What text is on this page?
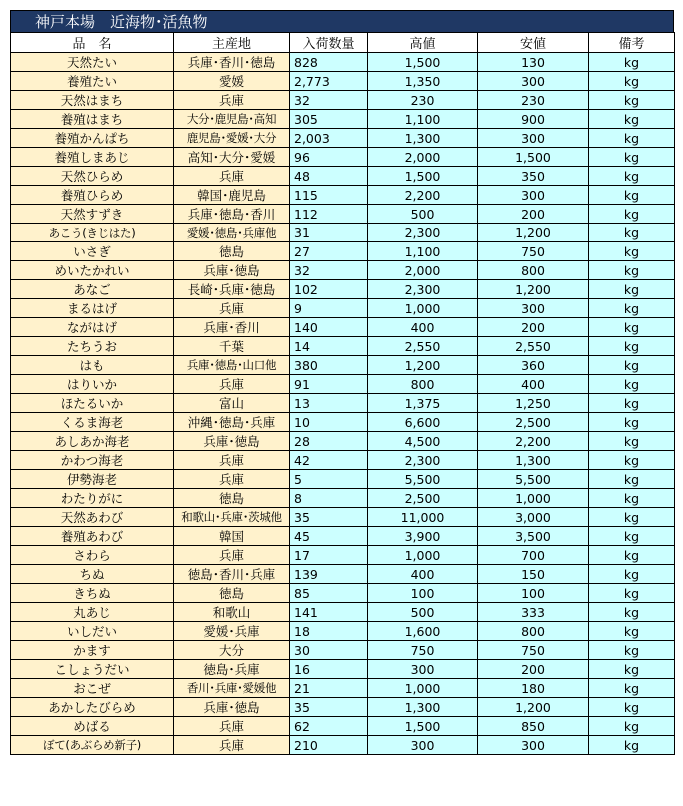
神戸本場　近海物･活魚物
品　名	主産地	入荷数量	高値	安値	備考
天然たい	兵庫･香川･徳島	828	1,500	130	kg
養殖たい	愛媛	2,773	1,350	300	kg
天然はまち	兵庫	32	230	230	kg
養殖はまち	大分･鹿児島･高知	305	1,100	900	kg
養殖かんぱち	鹿児島･愛媛･大分	2,003	1,300	300	kg
養殖しまあじ	高知･大分･愛媛	96	2,000	1,500	kg
天然ひらめ	兵庫	48	1,500	350	kg
養殖ひらめ	韓国･鹿児島	115	2,200	300	kg
天然すずき	兵庫･徳島･香川	112	500	200	kg
あこう(きじはた)	愛媛･徳島･兵庫他	31	2,300	1,200	kg
いさぎ	徳島	27	1,100	750	kg
めいたかれい	兵庫･徳島	32	2,000	800	kg
あなご	長崎･兵庫･徳島	102	2,300	1,200	kg
まるはげ	兵庫	9	1,000	300	kg
ながはげ	兵庫･香川	140	400	200	kg
たちうお	千葉	14	2,550	2,550	kg
はも	兵庫･徳島･山口他	380	1,200	360	kg
はりいか	兵庫	91	800	400	kg
ほたるいか	富山	13	1,375	1,250	kg
くるま海老	沖縄･徳島･兵庫	10	6,600	2,500	kg
あしあか海老	兵庫･徳島	28	4,500	2,200	kg
かわつ海老	兵庫	42	2,300	1,300	kg
伊勢海老	兵庫	5	5,500	5,500	kg
わたりがに	徳島	8	2,500	1,000	kg
天然あわび	和歌山･兵庫･茨城他	35	11,000	3,000	kg
養殖あわび	韓国	45	3,900	3,500	kg
さわら	兵庫	17	1,000	700	kg
ちぬ	徳島･香川･兵庫	139	400	150	kg
きちぬ	徳島	85	100	100	kg
丸あじ	和歌山	141	500	333	kg
いしだい	愛媛･兵庫	18	1,600	800	kg
かます	大分	30	750	750	kg
こしょうだい	徳島･兵庫	16	300	200	kg
おこぜ	香川･兵庫･愛媛他	21	1,000	180	kg
あかしたびらめ	兵庫･徳島	35	1,300	1,200	kg
めばる	兵庫	62	1,500	850	kg
ぼて(あぶらめ新子)	兵庫	210	300	300	kg
